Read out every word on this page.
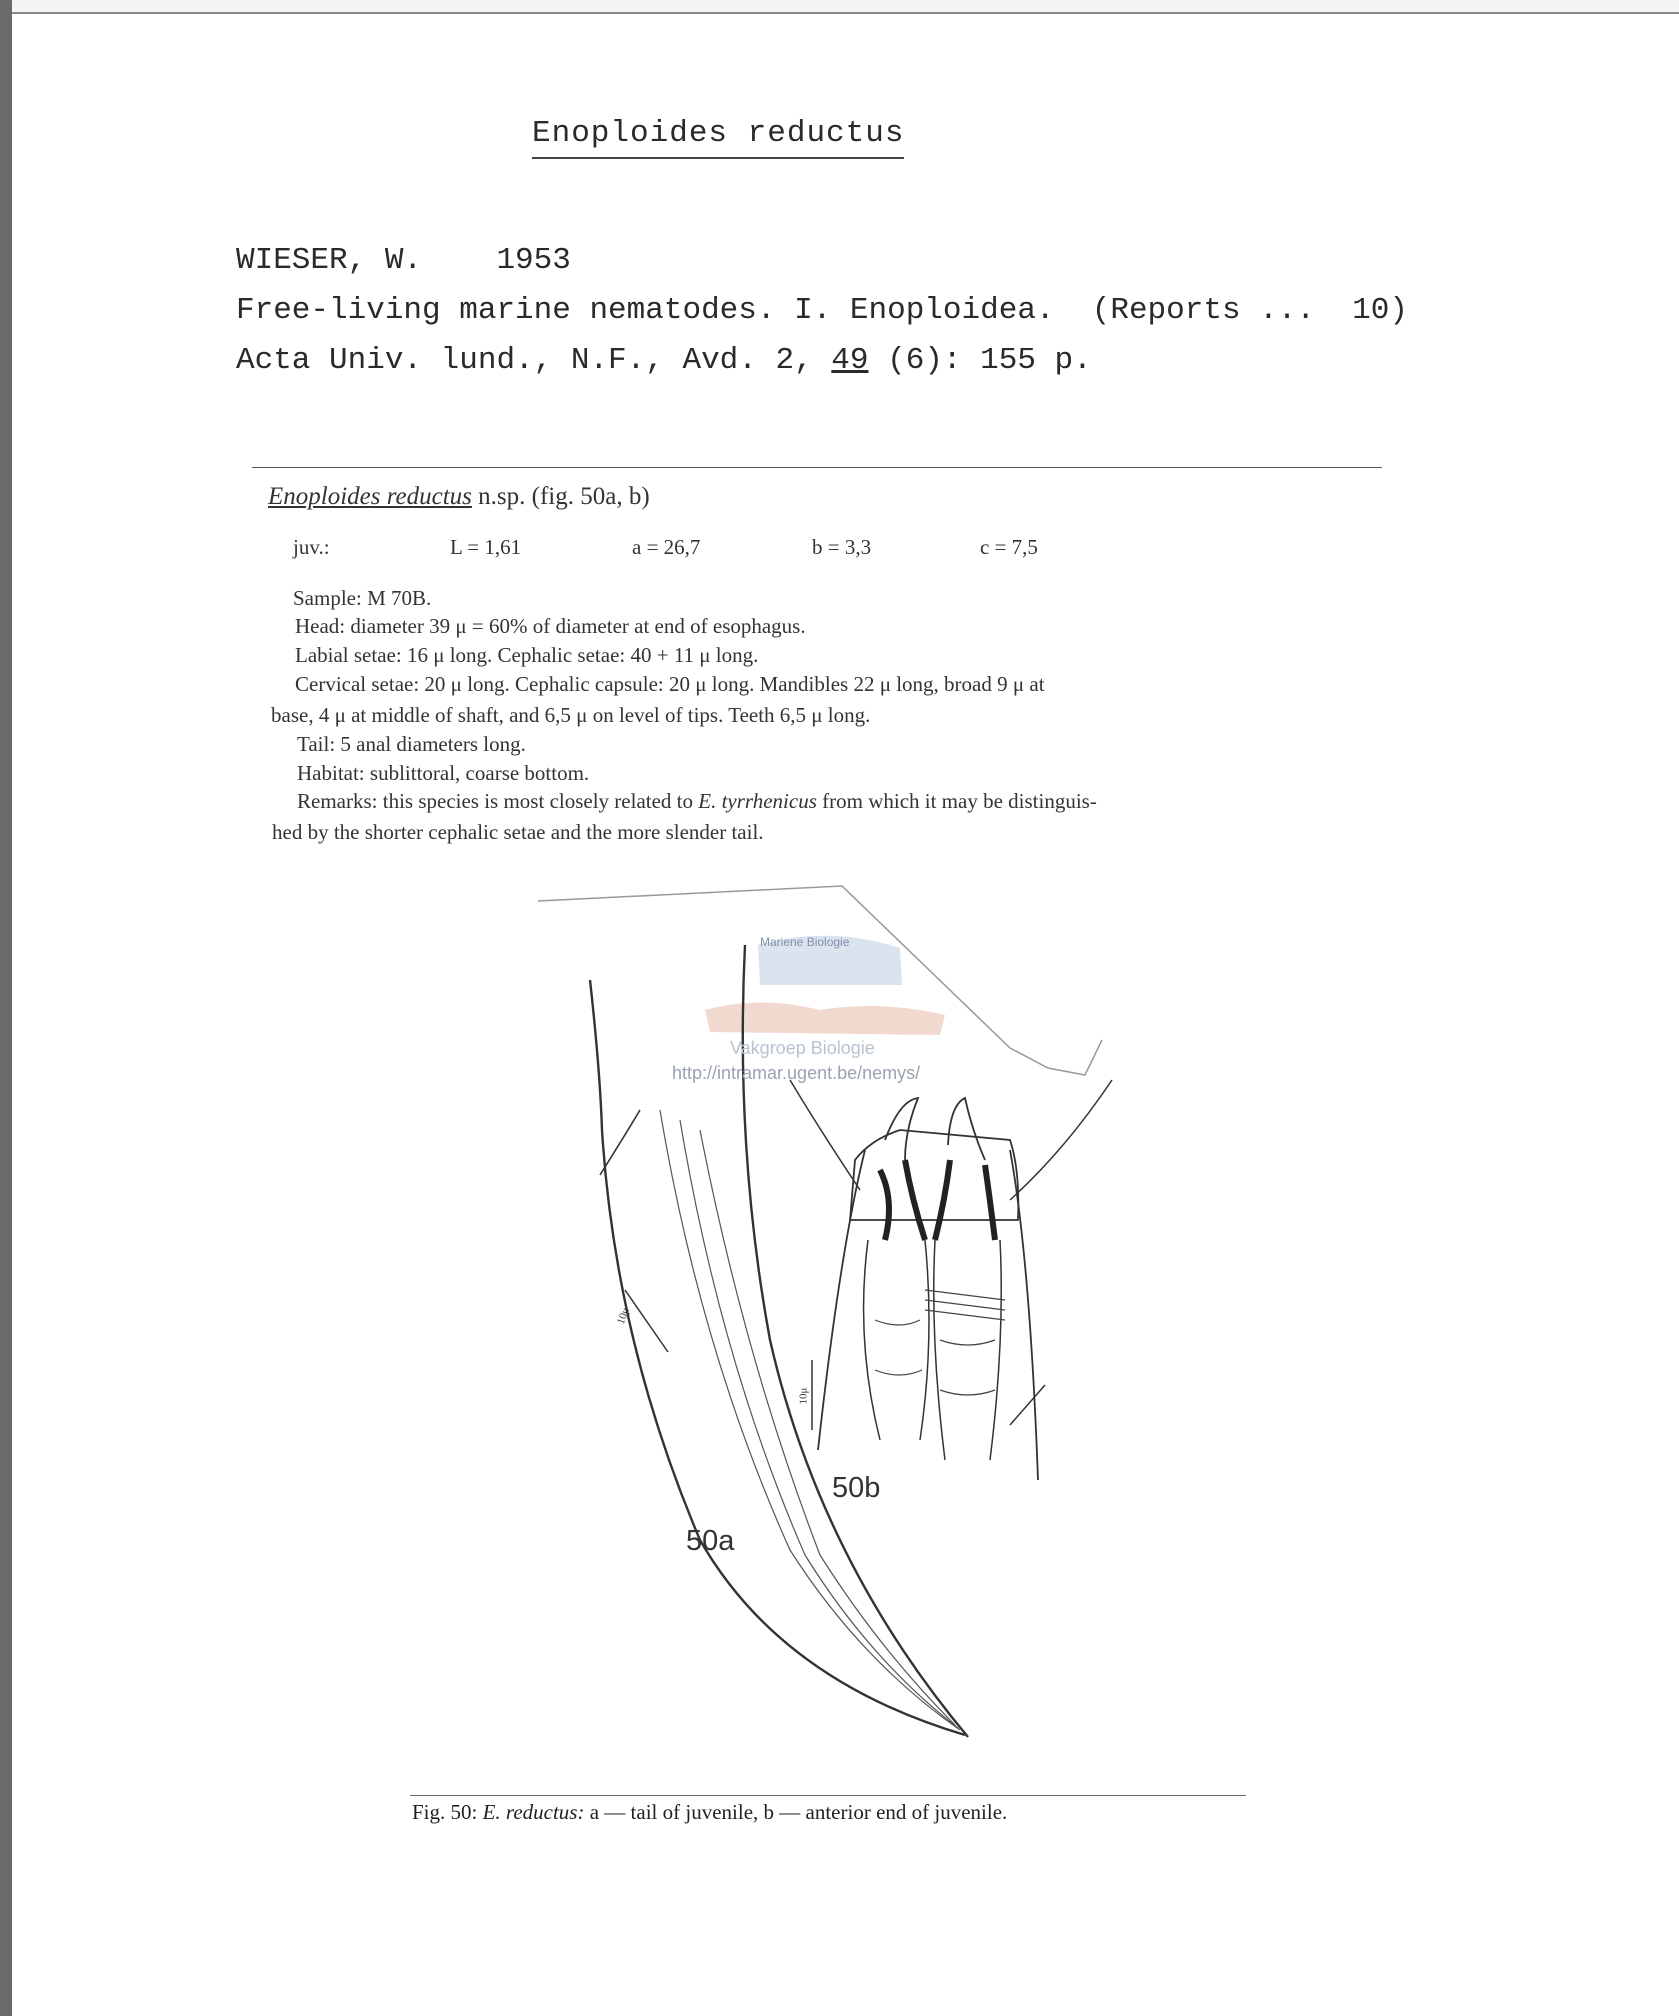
Enoploides reductus
WIESER, W.    1953
Free-living marine nematodes. I. Enoploidea.  (Reports ...  10)
Acta Univ. lund., N.F., Avd. 2, 49 (6): 155 p.
Enoploides reductus n.sp. (fig. 50a, b)
juv.:	L = 1,61	a = 26,7	b = 3,3	c = 7,5
Sample: M 70B.
Head: diameter 39 μ = 60% of diameter at end of esophagus.
Labial setae: 16 μ long. Cephalic setae: 40 + 11 μ long.
Cervical setae: 20 μ long. Cephalic capsule: 20 μ long. Mandibles 22 μ long, broad 9 μ at
base, 4 μ at middle of shaft, and 6,5 μ on level of tips. Teeth 6,5 μ long.
Tail: 5 anal diameters long.
Habitat: sublittoral, coarse bottom.
Remarks: this species is most closely related to E. tyrrhenicus from which it may be distinguis-
hed by the shorter cephalic setae and the more slender tail.
http://intramar.ugent.be/nemys/
Vakgroep Biologie
Mariene Biologie
50a
50b
10μ
10μ
Fig. 50: E. reductus: a — tail of juvenile, b — anterior end of juvenile.
